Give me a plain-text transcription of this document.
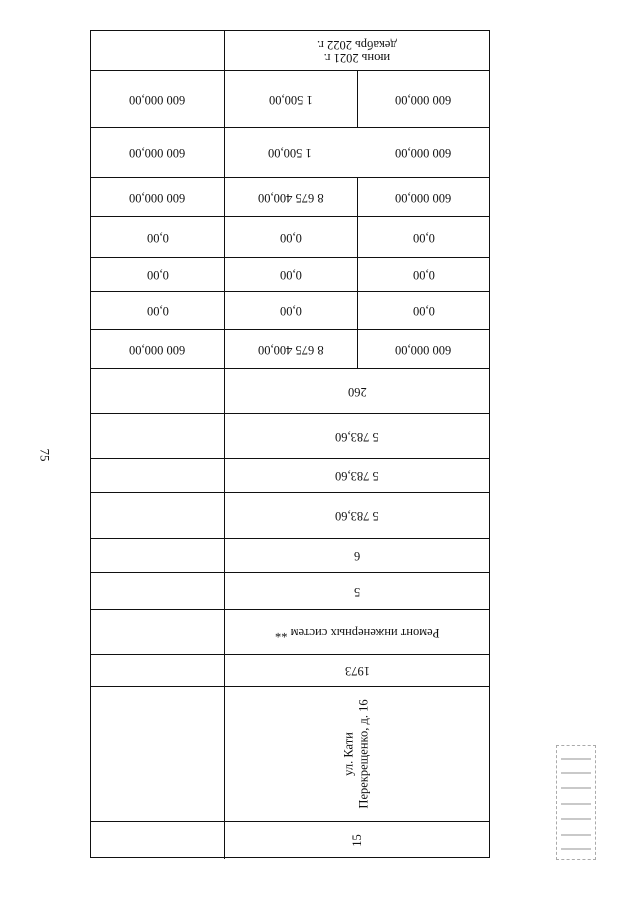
75
июнь 2021 г.
декабрь 2022 г.
600 000,00	1 500,00	600 000,00
600 000,00	1 500,00	600 000,00
600 000,00	8 675 400,00	600 000,00
0,00	0,00	0,00
0,00	0,00	0,00
0,00	0,00	0,00
600 000,00	8 675 400,00	600 000,00
260
5 783,60
5 783,60
5 783,60
6
5
Ремонт инженерных систем **
1973
ул. Кати
Перекрещенко, д. 16
15
